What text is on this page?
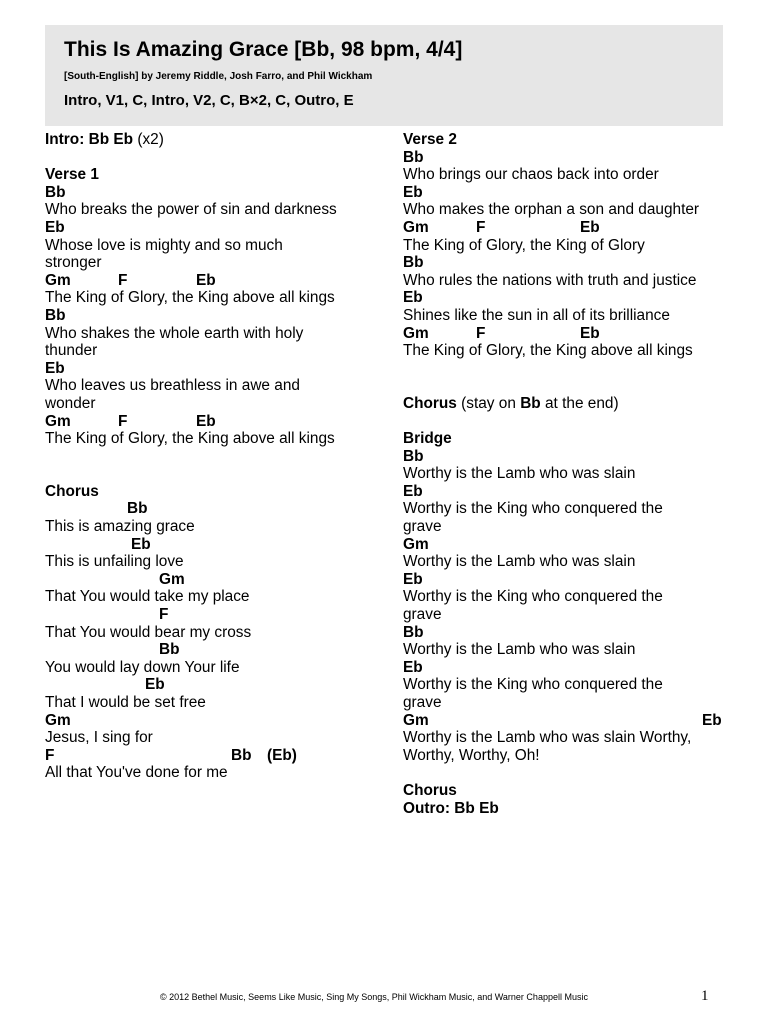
This Is Amazing Grace [Bb, 98 bpm, 4/4]
[South-English] by Jeremy Riddle, Josh Farro, and Phil Wickham
Intro, V1, C, Intro, V2, C, B×2, C, Outro, E
Intro: Bb Eb (x2)
Verse 1
Bb
Who breaks the power of sin and darkness
Eb
Whose love is mighty and so much
stronger

Gm

	F

	Eb

The King of Glory, the King above all kings
Bb
Who shakes the whole earth with holy
thunder
Eb
Who leaves us breathless in awe and
wonder

Gm

	F

	Eb

The King of Glory, the King above all kings
Chorus
Bb
This is amazing grace
Eb
This is unfailing love
Gm
That You would take my place
F
That You would bear my cross
Bb
You would lay down Your life
Eb
That I would be set free
Gm
Jesus, I sing for

F

	Bb

(Eb)

All that You've done for me
Verse 2
Bb
Who brings our chaos back into order
Eb
Who makes the orphan a son and daughter

Gm

	F

	Eb

The King of Glory, the King of Glory
Bb
Who rules the nations with truth and justice
Eb
Shines like the sun in all of its brilliance

Gm

	F

	Eb

The King of Glory, the King above all kings
Chorus (stay on Bb at the end)
Bridge
Bb
Worthy is the Lamb who was slain
Eb
Worthy is the King who conquered the
grave
Gm
Worthy is the Lamb who was slain
Eb
Worthy is the King who conquered the
grave
Bb
Worthy is the Lamb who was slain
Eb
Worthy is the King who conquered the
grave

Gm

	Eb

Worthy is the Lamb who was slain Worthy,
Worthy, Worthy, Oh!
Chorus
Outro: Bb Eb
© 2012 Bethel Music, Seems Like Music, Sing My Songs, Phil Wickham Music, and Warner Chappell Music	1
